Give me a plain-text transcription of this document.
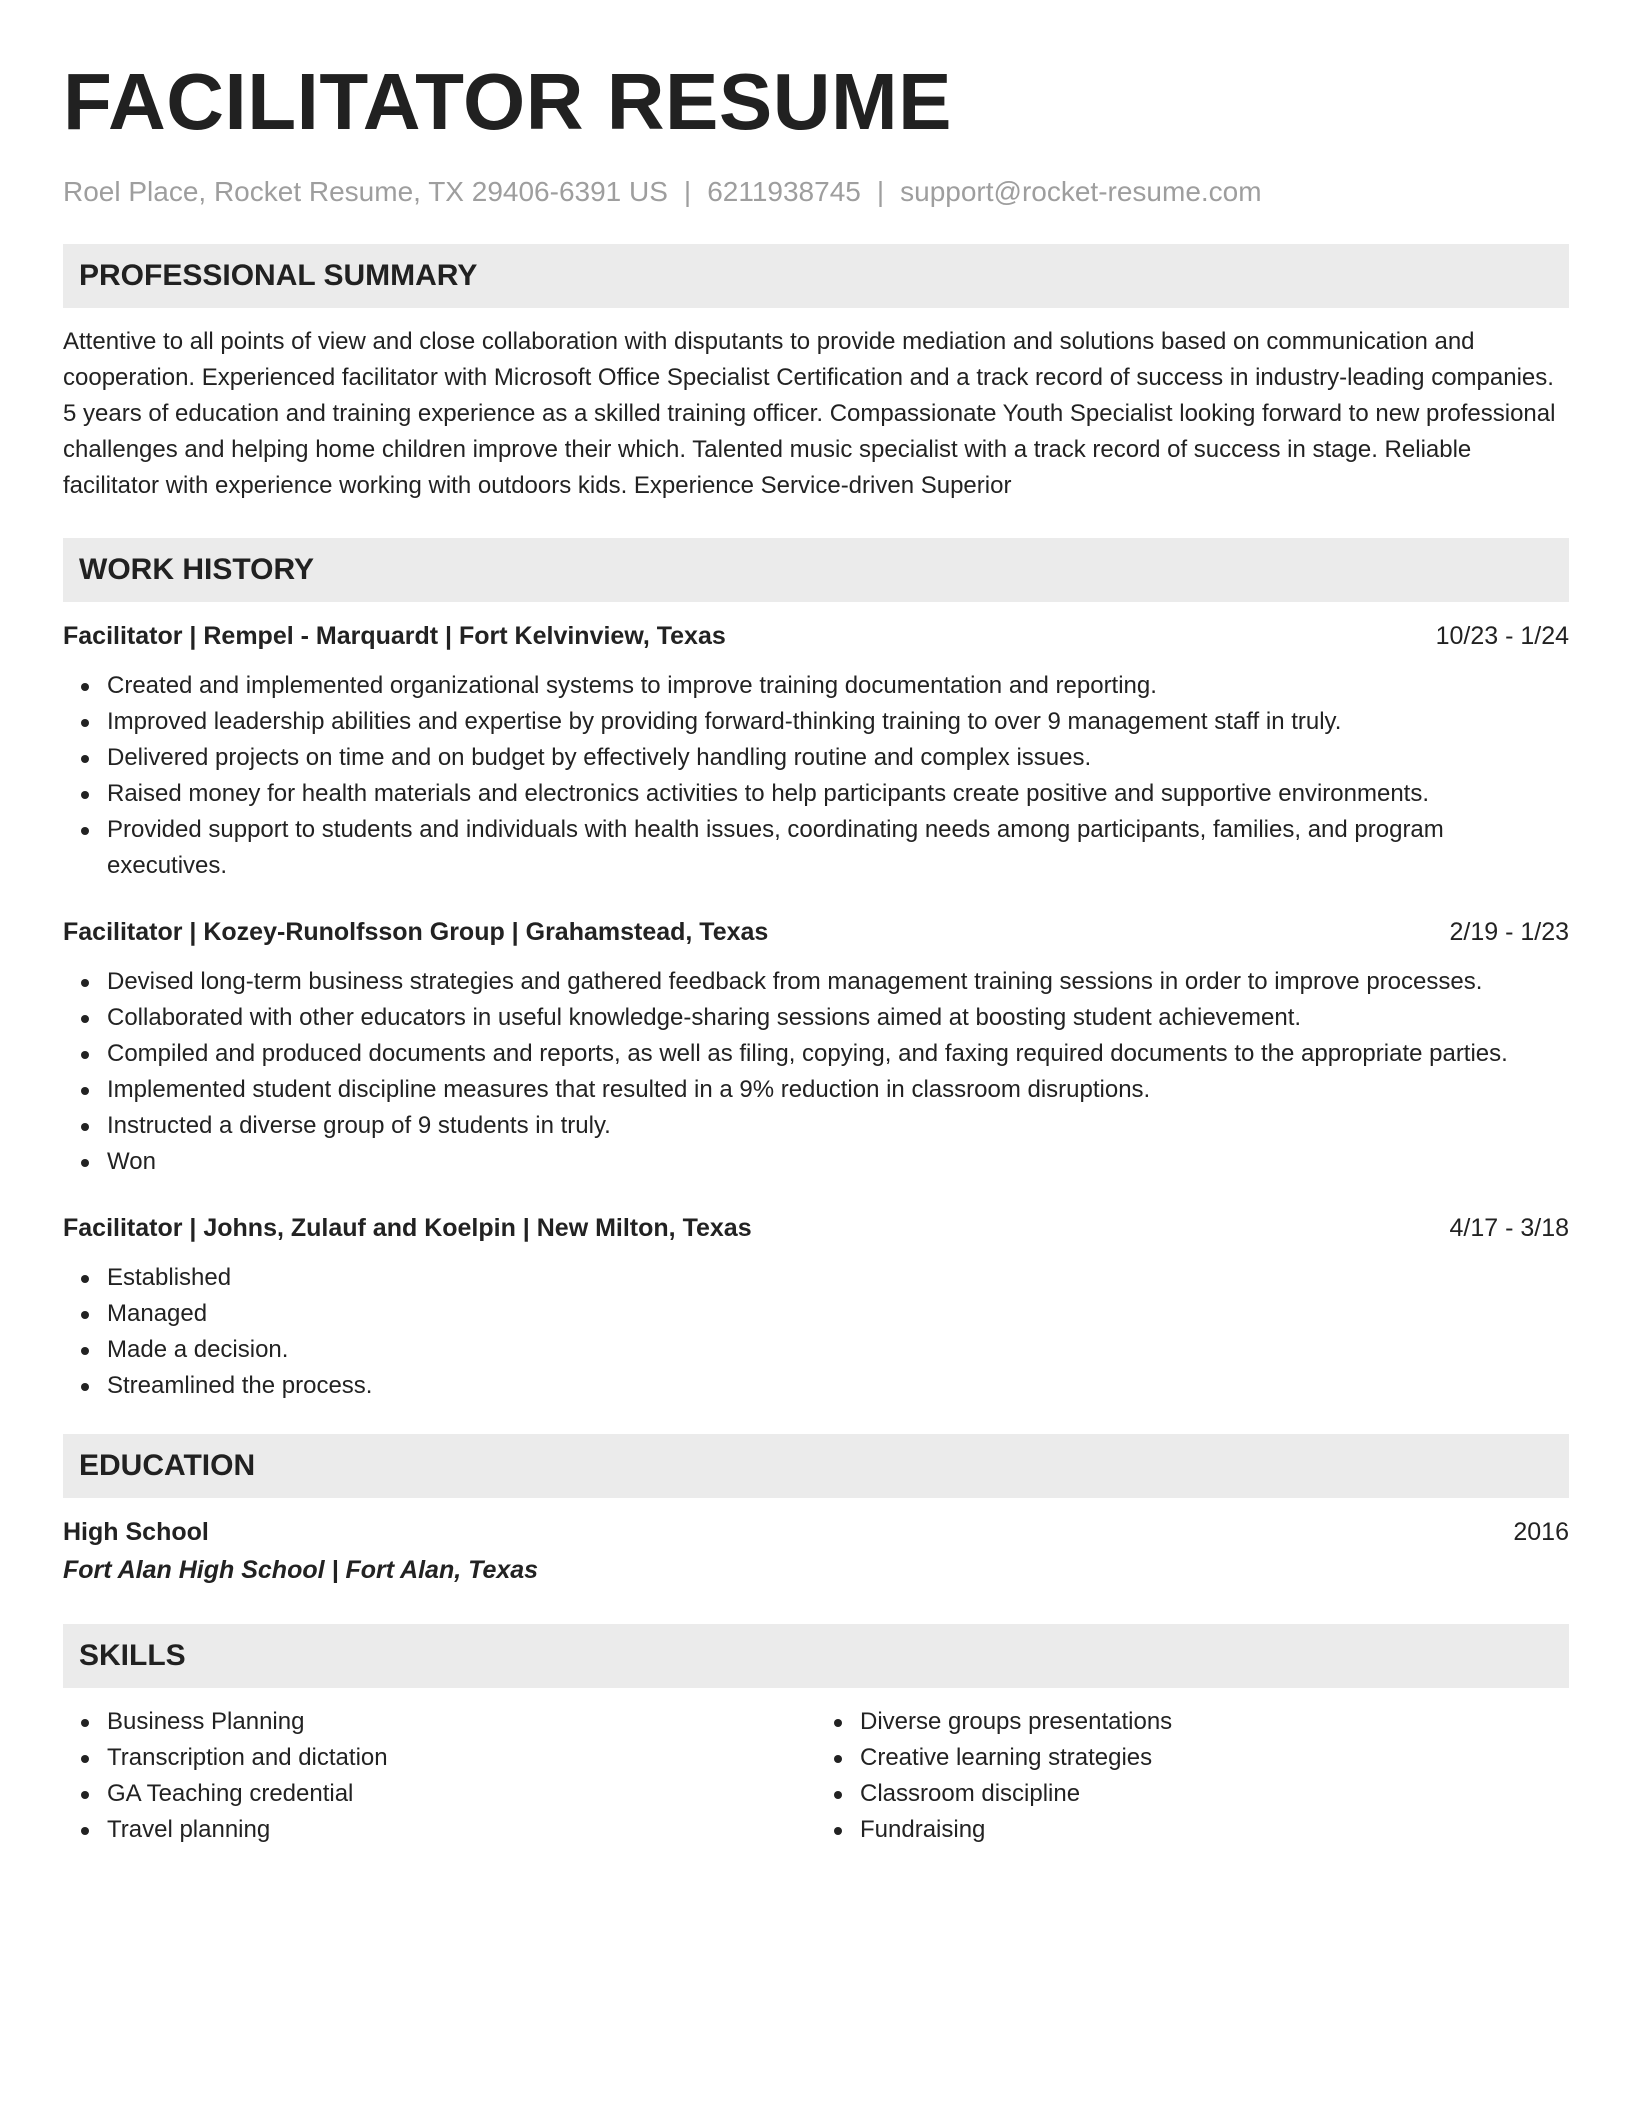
FACILITATOR RESUME
Roel Place, Rocket Resume, TX 29406-6391 US | 6211938745 | support@rocket-resume.com
PROFESSIONAL SUMMARY
Attentive to all points of view and close collaboration with disputants to provide mediation and solutions based on communication and cooperation. Experienced facilitator with Microsoft Office Specialist Certification and a track record of success in industry-leading companies. 5 years of education and training experience as a skilled training officer. Compassionate Youth Specialist looking forward to new professional challenges and helping home children improve their which. Talented music specialist with a track record of success in stage. Reliable facilitator with experience working with outdoors kids. Experience Service-driven Superior
WORK HISTORY
Facilitator | Rempel - Marquardt | Fort Kelvinview, Texas	10/23 - 1/24
Created and implemented organizational systems to improve training documentation and reporting.
Improved leadership abilities and expertise by providing forward-thinking training to over 9 management staff in truly.
Delivered projects on time and on budget by effectively handling routine and complex issues.
Raised money for health materials and electronics activities to help participants create positive and supportive environments.
Provided support to students and individuals with health issues, coordinating needs among participants, families, and program executives.
Facilitator | Kozey-Runolfsson Group | Grahamstead, Texas	2/19 - 1/23
Devised long-term business strategies and gathered feedback from management training sessions in order to improve processes.
Collaborated with other educators in useful knowledge-sharing sessions aimed at boosting student achievement.
Compiled and produced documents and reports, as well as filing, copying, and faxing required documents to the appropriate parties.
Implemented student discipline measures that resulted in a 9% reduction in classroom disruptions.
Instructed a diverse group of 9 students in truly.
Won
Facilitator | Johns, Zulauf and Koelpin | New Milton, Texas	4/17 - 3/18
Established
Managed
Made a decision.
Streamlined the process.
EDUCATION
High School	2016
Fort Alan High School | Fort Alan, Texas
SKILLS
Business Planning
Transcription and dictation
GA Teaching credential
Travel planning
Diverse groups presentations
Creative learning strategies
Classroom discipline
Fundraising
